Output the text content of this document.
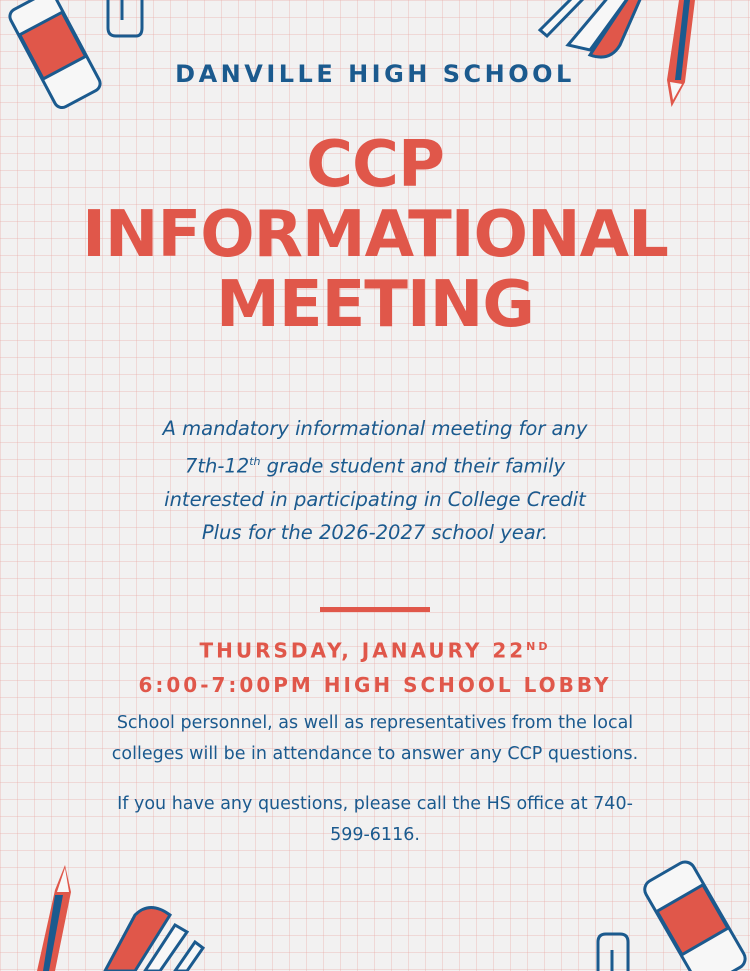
DANVILLE HIGH SCHOOL
CCP
INFORMATIONAL
MEETING
A mandatory informational meeting for any
7th-12th grade student and their family
interested in participating in College Credit
Plus for the 2026-2027 school year.
THURSDAY, JANAURY 22ND
6:00-7:00PM HIGH SCHOOL LOBBY
School personnel, as well as representatives from the local colleges will be in attendance to answer any CCP questions.
If you have any questions, please call the HS office at 740-599-6116.
